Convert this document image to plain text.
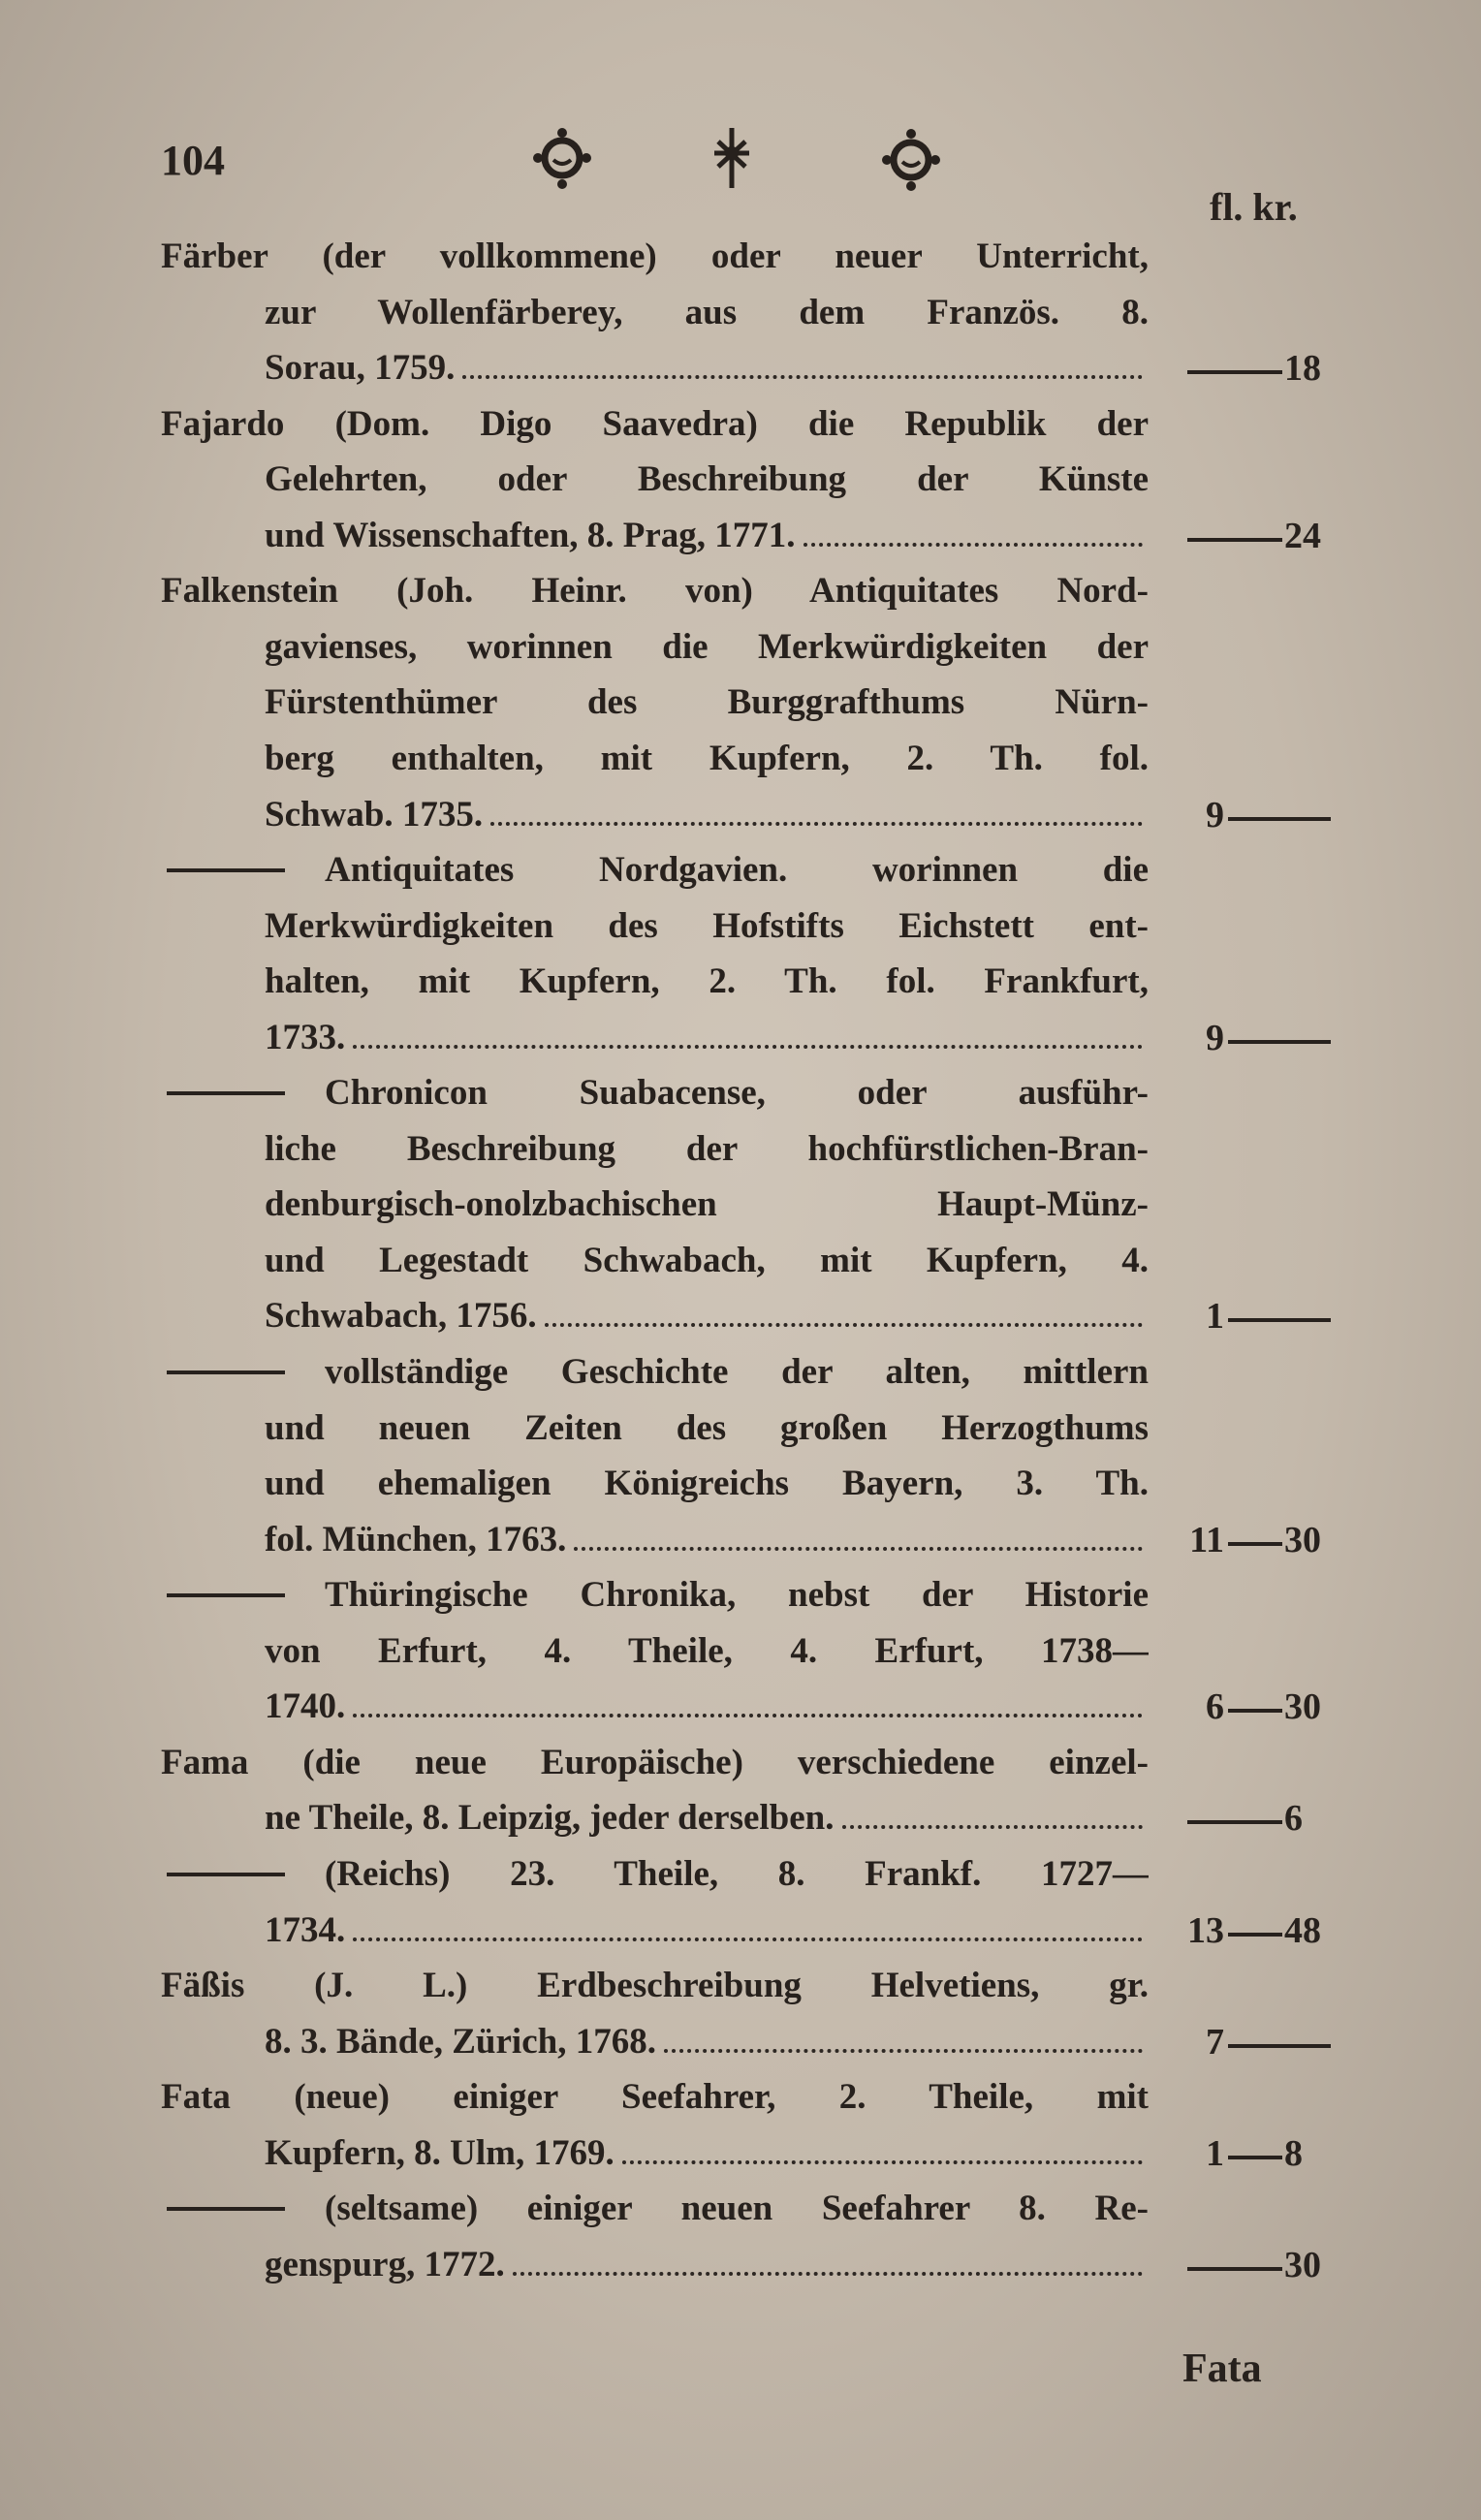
104
fl. kr.
Färber (der vollkommene) oder neuer Unterricht,
zur Wollenfärberey, aus dem Französ. 8.
18
Sorau, 1759.
Fajardo (Dom. Digo Saavedra) die Republik der
Gelehrten, oder Beschreibung der Künste
24
und Wissenschaften, 8. Prag, 1771.
Falkenstein (Joh. Heinr. von) Antiquitates Nord-
gavienses, worinnen die Merkwürdigkeiten der
Fürstenthümer des Burggrafthums Nürn-
berg enthalten, mit Kupfern, 2. Th. fol.
9
Schwab. 1735.
Antiquitates Nordgavien. worinnen die
Merkwürdigkeiten des Hofstifts Eichstett ent-
halten, mit Kupfern, 2. Th. fol. Frankfurt,
9
1733.
Chronicon Suabacense, oder ausführ-
liche Beschreibung der hochfürstlichen-Bran-
denburgisch-onolzbachischen Haupt-Münz-
und Legestadt Schwabach, mit Kupfern, 4.
1
Schwabach, 1756.
vollständige Geschichte der alten, mittlern
und neuen Zeiten des großen Herzogthums
und ehemaligen Königreichs Bayern, 3. Th.
11 30
fol. München, 1763.
Thüringische Chronika, nebst der Historie
von Erfurt, 4. Theile, 4. Erfurt, 1738—
6 30
1740.
Fama (die neue Europäische) verschiedene einzel-
6
ne Theile, 8. Leipzig, jeder derselben.
(Reichs) 23. Theile, 8. Frankf. 1727—
13 48
1734.
Fäßis (J. L.) Erdbeschreibung Helvetiens, gr.
7
8. 3. Bände, Zürich, 1768.
Fata (neue) einiger Seefahrer, 2. Theile, mit
1 8
Kupfern, 8. Ulm, 1769.
(seltsame) einiger neuen Seefahrer 8. Re-
30
genspurg, 1772.
Fata
